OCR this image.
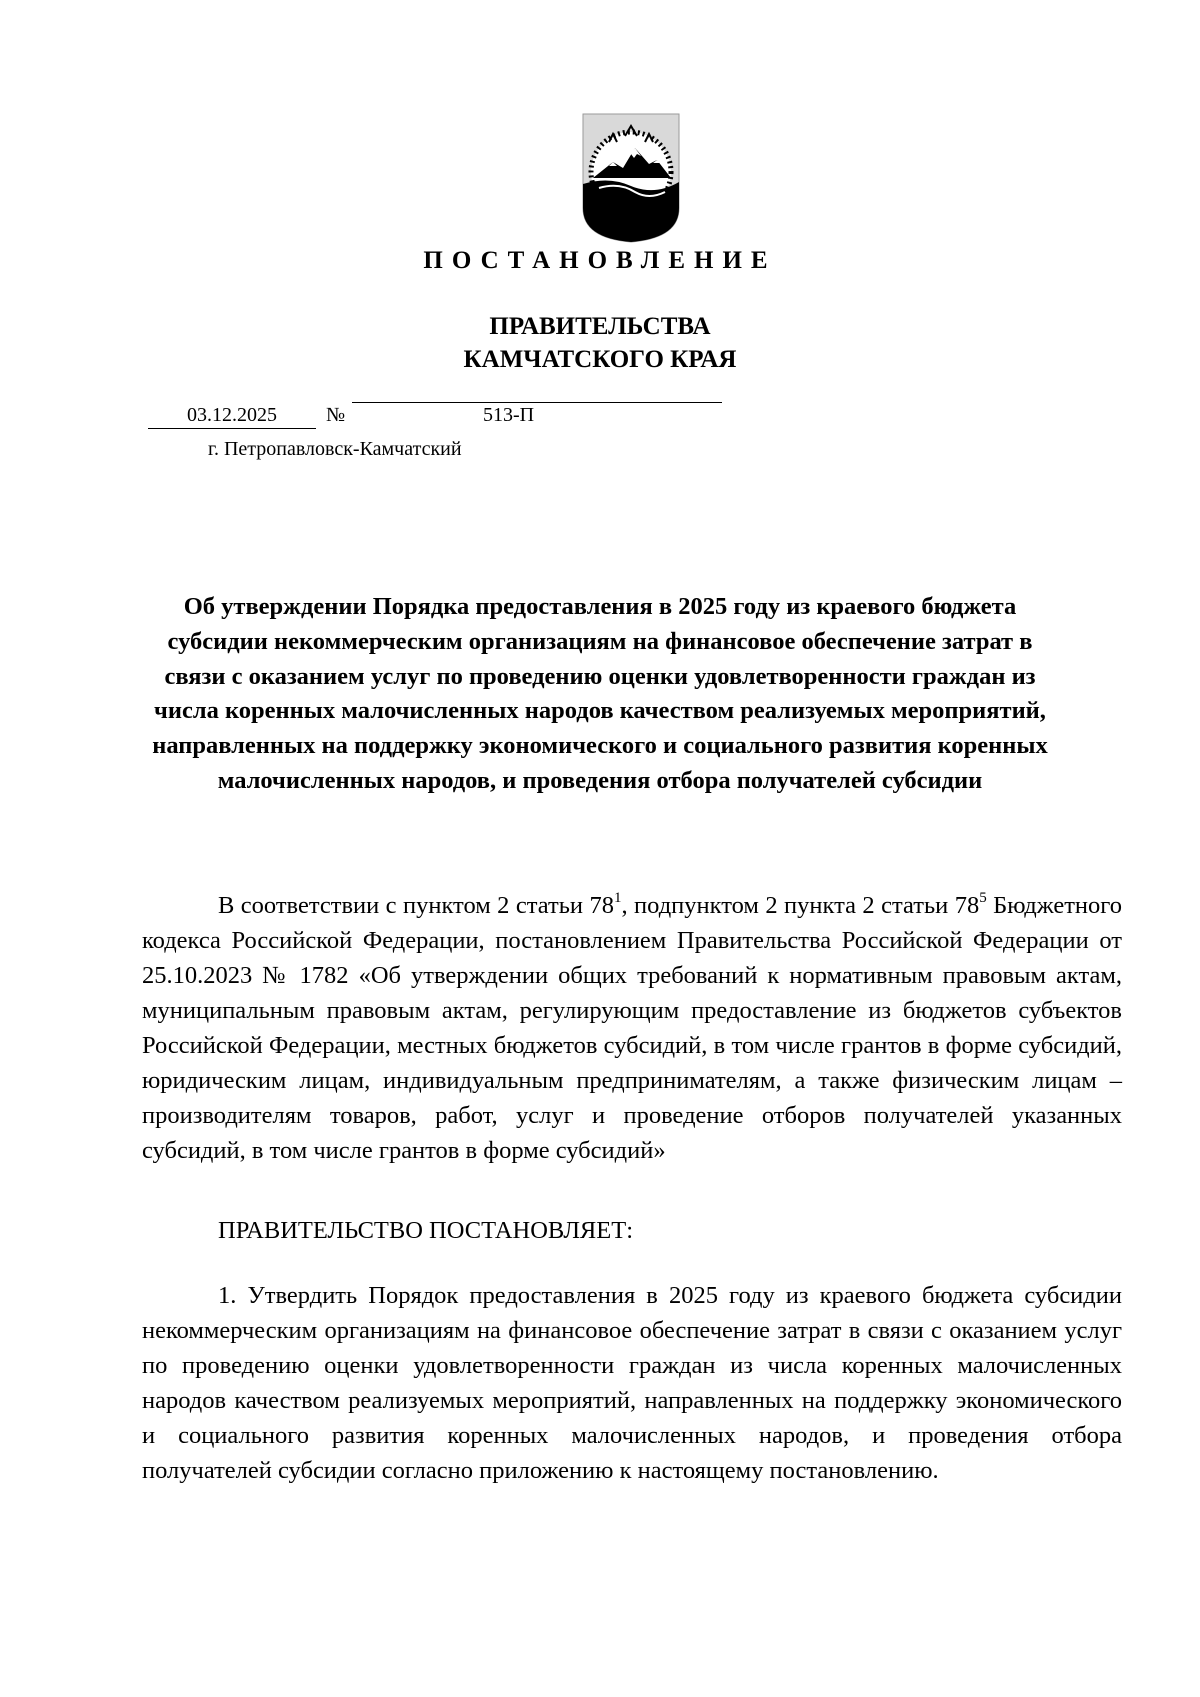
ПОСТАНОВЛЕНИЕ
ПРАВИТЕЛЬСТВА
КАМЧАТСКОГО КРАЯ
03.12.2025	№	513-П
г. Петропавловск-Камчатский
Об утверждении Порядка предоставления в 2025 году из краевого бюджета субсидии некоммерческим организациям на финансовое обеспечение затрат в связи с оказанием услуг по проведению оценки удовлетворенности граждан из числа коренных малочисленных народов качеством реализуемых мероприятий, направленных на поддержку экономического и социального развития коренных малочисленных народов, и проведения отбора получателей субсидии
В соответствии с пунктом 2 статьи $78^1$, подпунктом 2 пункта 2 статьи $78^5$ Бюджетного кодекса Российской Федерации, постановлением Правительства Российской Федерации от 25.10.2023 № 1782 «Об утверждении общих требований к нормативным правовым актам, муниципальным правовым актам, регулирующим предоставление из бюджетов субъектов Российской Федерации, местных бюджетов субсидий, в том числе грантов в форме субсидий, юридическим лицам, индивидуальным предпринимателям, а также физическим лицам – производителям товаров, работ, услуг и проведение отборов получателей указанных субсидий, в том числе грантов в форме субсидий»
ПРАВИТЕЛЬСТВО ПОСТАНОВЛЯЕТ:
1. Утвердить Порядок предоставления в 2025 году из краевого бюджета субсидии некоммерческим организациям на финансовое обеспечение затрат в связи с оказанием услуг по проведению оценки удовлетворенности граждан из числа коренных малочисленных народов качеством реализуемых мероприятий, направленных на поддержку экономического и социального развития коренных малочисленных народов, и проведения отбора получателей субсидии согласно приложению к настоящему постановлению.
